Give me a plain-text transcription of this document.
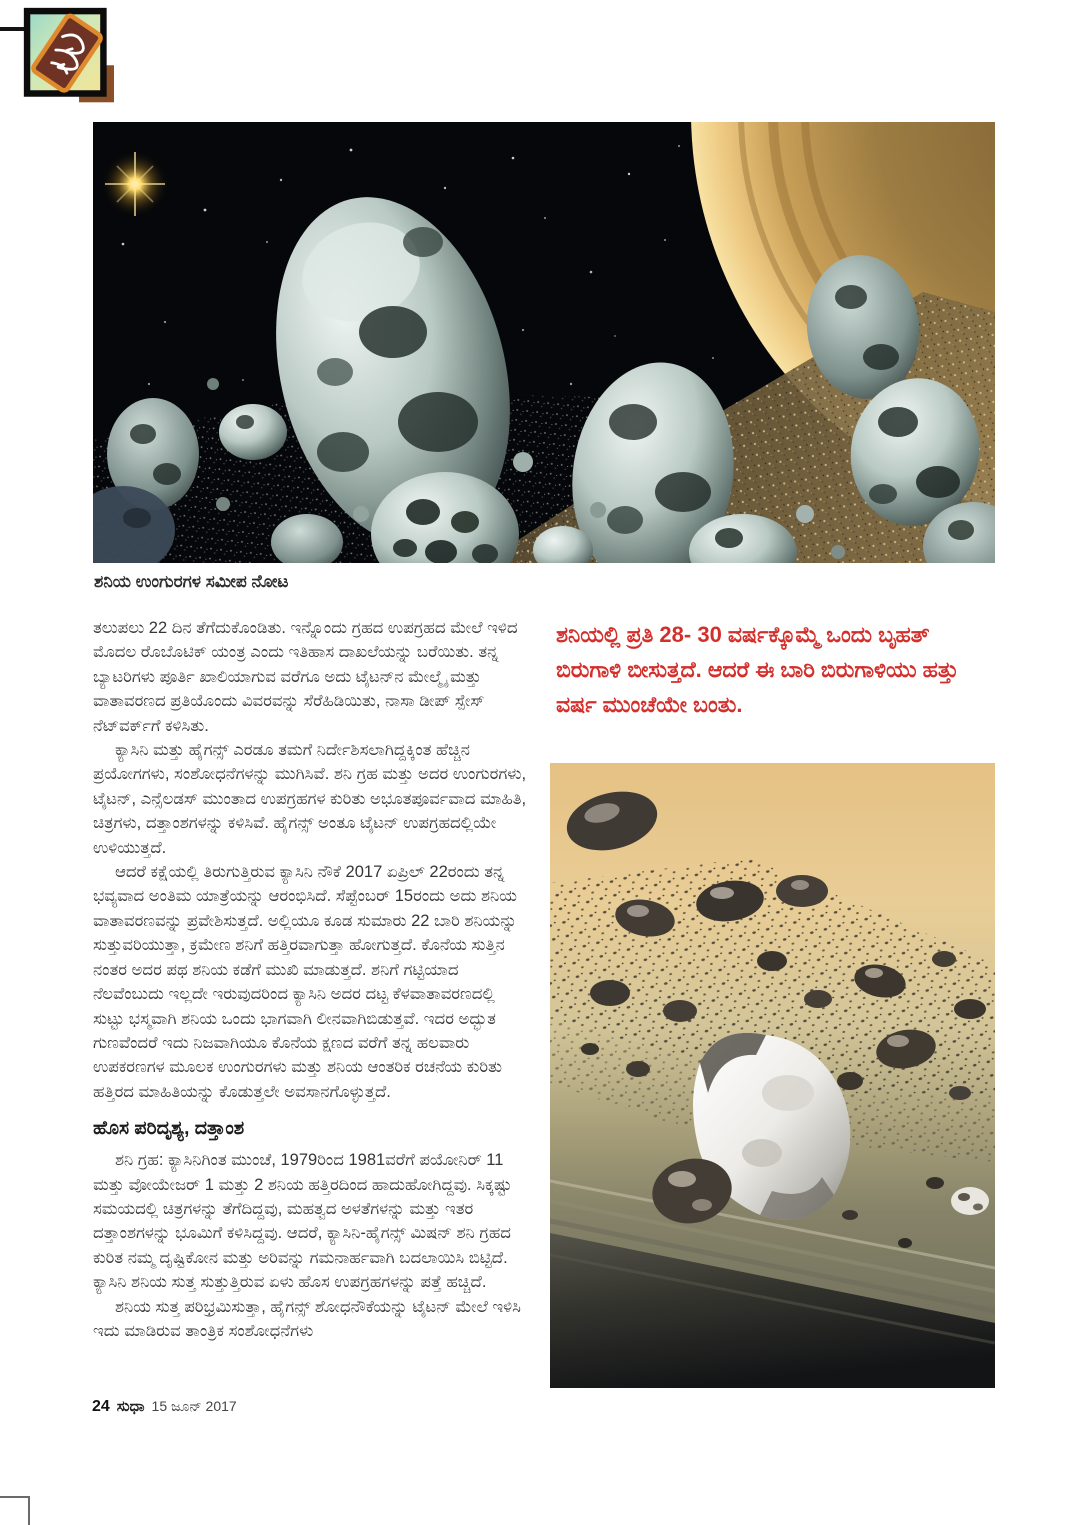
ಶನಿಯ ಉಂಗುರಗಳ ಸಮೀಪ ನೋಟ

ತಲುಪಲು 22 ದಿನ ತೆಗೆದುಕೊಂಡಿತು. ಇನ್ನೊಂದು ಗ್ರಹದ ಉಪಗ್ರಹದ ಮೇಲೆ ಇಳಿದ ಮೊದಲ ರೊಬೊಟಿಕ್ ಯಂತ್ರ ಎಂದು ಇತಿಹಾಸ ದಾಖಲೆಯನ್ನು ಬರೆಯಿತು. ತನ್ನ ಬ್ಯಾಟರಿಗಳು ಪೂರ್ತಿ ಖಾಲಿಯಾಗುವ ವರೆಗೂ ಅದು ಟೈಟನ್‌ನ ಮೇಲ್ಮೈ ಮತ್ತು ವಾತಾವರಣದ ಪ್ರತಿಯೊಂದು ವಿವರವನ್ನು ಸೆರೆಹಿಡಿಯಿತು, ನಾಸಾ ಡೀಪ್ ಸ್ಪೇಸ್ ನೆಟ್‌ವರ್ಕ್‌ಗೆ ಕಳಿಸಿತು.

ಕ್ಯಾಸಿನಿ ಮತ್ತು ಹೈಗನ್ಸ್ ಎರಡೂ ತಮಗೆ ನಿರ್ದೇಶಿಸಲಾಗಿದ್ದಕ್ಕಿಂತ ಹೆಚ್ಚಿನ ಪ್ರಯೋಗಗಳು, ಸಂಶೋಧನೆಗಳನ್ನು ಮುಗಿಸಿವೆ. ಶನಿ ಗ್ರಹ ಮತ್ತು ಅದರ ಉಂಗುರಗಳು, ಟೈಟನ್, ಎನ್ಸೆಲಡಸ್ ಮುಂತಾದ ಉಪಗ್ರಹಗಳ ಕುರಿತು ಅಭೂತಪೂರ್ವವಾದ ಮಾಹಿತಿ, ಚಿತ್ರಗಳು, ದತ್ತಾಂಶಗಳನ್ನು ಕಳಿಸಿವೆ. ಹೈಗನ್ಸ್ ಅಂತೂ ಟೈಟನ್ ಉಪಗ್ರಹದಲ್ಲಿಯೇ ಉಳಿಯುತ್ತದೆ.

ಆದರೆ ಕಕ್ಷೆಯಲ್ಲಿ ತಿರುಗುತ್ತಿರುವ ಕ್ಯಾಸಿನಿ ನೌಕೆ 2017 ಏಪ್ರಿಲ್ 22ರಂದು ತನ್ನ ಭವ್ಯವಾದ ಅಂತಿಮ ಯಾತ್ರೆಯನ್ನು ಆರಂಭಿಸಿದೆ. ಸೆಪ್ಟೆಂಬರ್ 15ರಂದು ಅದು ಶನಿಯ ವಾತಾವರಣವನ್ನು ಪ್ರವೇಶಿಸುತ್ತದೆ. ಅಲ್ಲಿಯೂ ಕೂಡ ಸುಮಾರು 22 ಬಾರಿ ಶನಿಯನ್ನು ಸುತ್ತುವರಿಯುತ್ತಾ, ಕ್ರಮೇಣ ಶನಿಗೆ ಹತ್ತಿರವಾಗುತ್ತಾ ಹೋಗುತ್ತದೆ. ಕೊನೆಯ ಸುತ್ತಿನ ನಂತರ ಅದರ ಪಥ ಶನಿಯ ಕಡೆಗೆ ಮುಖಿ ಮಾಡುತ್ತದೆ. ಶನಿಗೆ ಗಟ್ಟಿಯಾದ ನೆಲವೆಂಬುದು ಇಲ್ಲದೇ ಇರುವುದರಿಂದ ಕ್ಯಾಸಿನಿ ಅದರ ದಟ್ಟ ಕೆಳವಾತಾವರಣದಲ್ಲಿ ಸುಟ್ಟು ಭಸ್ಮವಾಗಿ ಶನಿಯ ಒಂದು ಭಾಗವಾಗಿ ಲೀನವಾಗಿಬಿಡುತ್ತವೆ. ಇದರ ಅದ್ಭುತ ಗುಣವೆಂದರೆ ಇದು ನಿಜವಾಗಿಯೂ ಕೊನೆಯ ಕ್ಷಣದ ವರೆಗೆ ತನ್ನ ಹಲವಾರು ಉಪಕರಣಗಳ ಮೂಲಕ ಉಂಗುರಗಳು ಮತ್ತು ಶನಿಯ ಆಂತರಿಕ ರಚನೆಯ ಕುರಿತು ಹತ್ತಿರದ ಮಾಹಿತಿಯನ್ನು ಕೊಡುತ್ತಲೇ ಅವಸಾನಗೊಳ್ಳುತ್ತದೆ.

ಹೊಸ ಪರಿದೃಶ್ಯ, ದತ್ತಾಂಶ

ಶನಿ ಗ್ರಹ: ಕ್ಯಾಸಿನಿಗಿಂತ ಮುಂಚೆ, 1979ರಿಂದ 1981ವರೆಗೆ ಪಯೋನಿರ್ 11 ಮತ್ತು ವೋಯೇಜರ್ 1 ಮತ್ತು 2 ಶನಿಯ ಹತ್ತಿರದಿಂದ ಹಾದುಹೋಗಿದ್ದವು. ಸಿಕ್ಕಷ್ಟು ಸಮಯದಲ್ಲಿ ಚಿತ್ರಗಳನ್ನು ತೆಗೆದಿದ್ದವು, ಮಹತ್ವದ ಅಳತೆಗಳನ್ನು ಮತ್ತು ಇತರ ದತ್ತಾಂಶಗಳನ್ನು ಭೂಮಿಗೆ ಕಳಿಸಿದ್ದವು. ಆದರೆ, ಕ್ಯಾಸಿನಿ-ಹೈಗನ್ಸ್ ಮಿಷನ್ ಶನಿ ಗ್ರಹದ ಕುರಿತ ನಮ್ಮ ದೃಷ್ಟಿಕೋನ ಮತ್ತು ಅರಿವನ್ನು ಗಮನಾರ್ಹವಾಗಿ ಬದಲಾಯಿಸಿ ಬಿಟ್ಟಿದೆ. ಕ್ಯಾಸಿನಿ ಶನಿಯ ಸುತ್ತ ಸುತ್ತುತ್ತಿರುವ ಏಳು ಹೊಸ ಉಪಗ್ರಹಗಳನ್ನು ಪತ್ತೆ ಹಚ್ಚಿದೆ.

ಶನಿಯ ಸುತ್ತ ಪರಿಭ್ರಮಿಸುತ್ತಾ, ಹೈಗನ್ಸ್ ಶೋಧನೌಕೆಯನ್ನು ಟೈಟನ್ ಮೇಲೆ ಇಳಿಸಿ ಇದು ಮಾಡಿರುವ ತಾಂತ್ರಿಕ ಸಂಶೋಧನೆಗಳು

ಶನಿಯಲ್ಲಿ ಪ್ರತಿ 28- 30 ವರ್ಷಕ್ಕೊಮ್ಮೆ ಒಂದು ಬೃಹತ್ ಬಿರುಗಾಳಿ ಬೀಸುತ್ತದೆ. ಆದರೆ ಈ ಬಾರಿ ಬಿರುಗಾಳಿಯು ಹತ್ತು ವರ್ಷ ಮುಂಚೆಯೇ ಬಂತು.
24 ಸುಧಾ 15 ಜೂನ್ 2017
